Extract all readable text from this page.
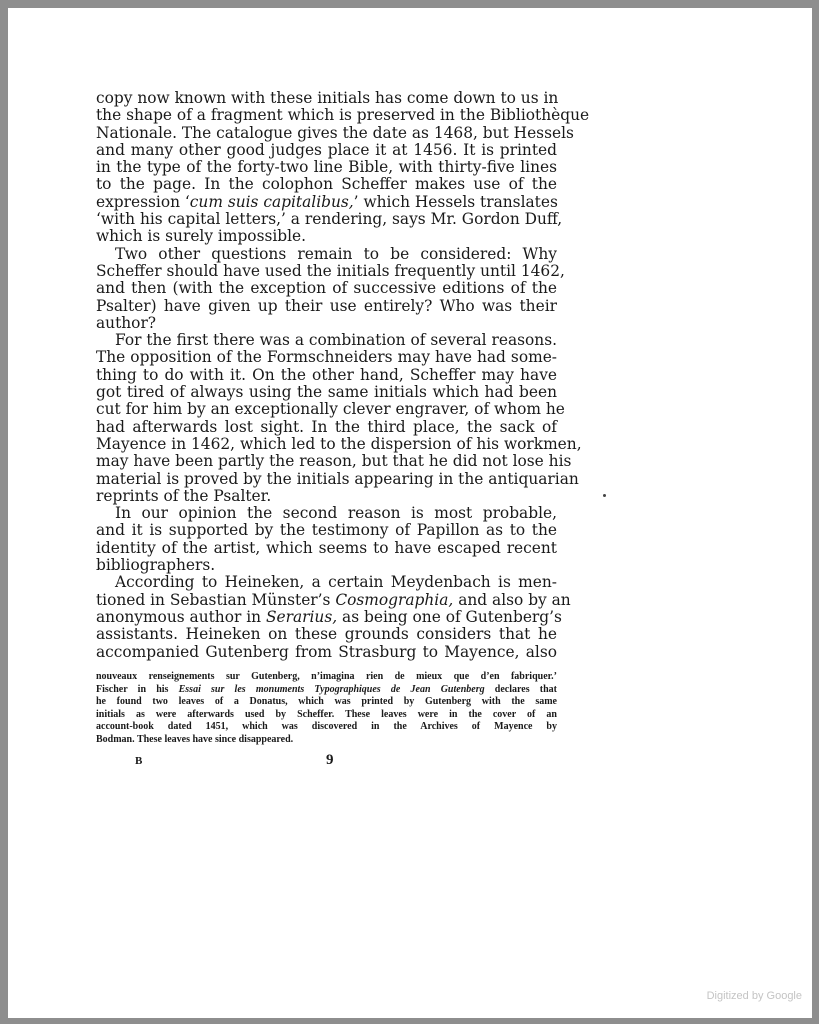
copy now known with these initials has come down to us in
the shape of a fragment which is preserved in the Bibliothèque
Nationale. The catalogue gives the date as 1468, but Hessels
and many other good judges place it at 1456. It is printed
in the type of the forty-two line Bible, with thirty-five lines
to the page. In the colophon Scheffer makes use of the
expression ‘cum suis capitalibus,’ which Hessels translates
‘with his capital letters,’ a rendering, says Mr. Gordon Duff,
which is surely impossible.
Two other questions remain to be considered: Why
Scheffer should have used the initials frequently until 1462,
and then (with the exception of successive editions of the
Psalter) have given up their use entirely? Who was their
author?
For the first there was a combination of several reasons.
The opposition of the Formschneiders may have had some-
thing to do with it. On the other hand, Scheffer may have
got tired of always using the same initials which had been
cut for him by an exceptionally clever engraver, of whom he
had afterwards lost sight. In the third place, the sack of
Mayence in 1462, which led to the dispersion of his workmen,
may have been partly the reason, but that he did not lose his
material is proved by the initials appearing in the antiquarian
reprints of the Psalter.
In our opinion the second reason is most probable,
and it is supported by the testimony of Papillon as to the
identity of the artist, which seems to have escaped recent
bibliographers.
According to Heineken, a certain Meydenbach is men-
tioned in Sebastian Münster’s Cosmographia, and also by an
anonymous author in Serarius, as being one of Gutenberg’s
assistants. Heineken on these grounds considers that he
accompanied Gutenberg from Strasburg to Mayence, also
nouveaux renseignements sur Gutenberg, n’imagina rien de mieux que d’en fabriquer.’
Fischer in his Essai sur les monuments Typographiques de Jean Gutenberg declares that
he found two leaves of a Donatus, which was printed by Gutenberg with the same
initials as were afterwards used by Scheffer. These leaves were in the cover of an
account-book dated 1451, which was discovered in the Archives of Mayence by
Bodman. These leaves have since disappeared.
B	9
Digitized by Google
